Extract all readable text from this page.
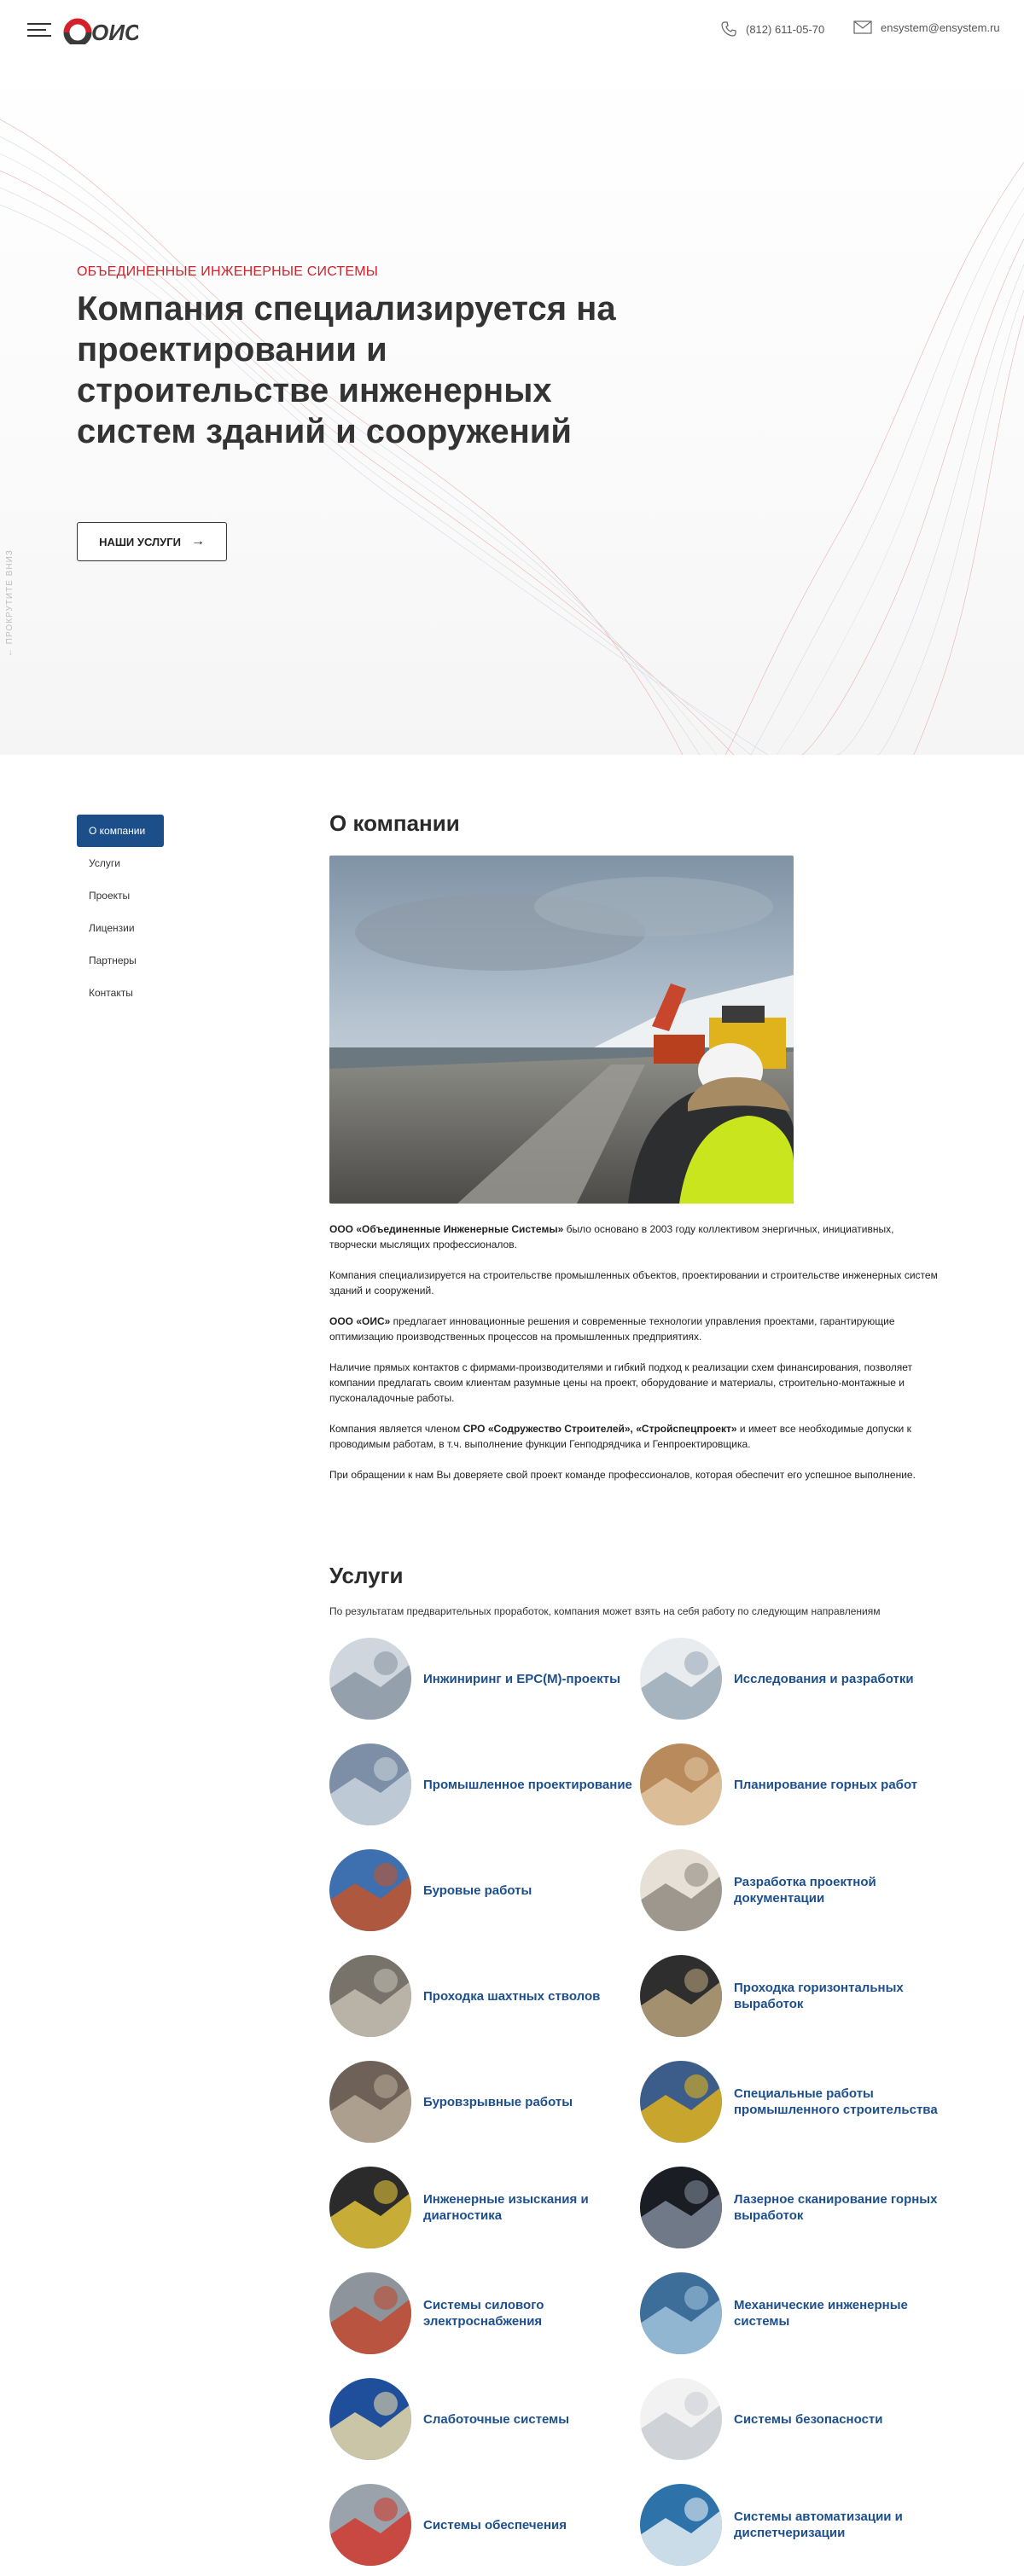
ОИС	(812) 611-05-70	ensystem@ensystem.ru
ОБЪЕДИНЕННЫЕ ИНЖЕНЕРНЫЕ СИСТЕМЫ
Компания специализируется на проектировании и строительстве инженерных систем зданий и сооружений
НАШИ УСЛУГИ →
← ПРОКРУТИТЕ ВНИЗ
О компании
Услуги
Проекты
Лицензии
Партнеры
Контакты
О компании

ООО «Объединенные Инженерные Системы» было основано в 2003 году коллективом энергичных, инициативных, творчески мыслящих профессионалов.

Компания специализируется на строительстве промышленных объектов, проектировании и строительстве инженерных систем зданий и сооружений.

ООО «ОИС» предлагает инновационные решения и современные технологии управления проектами, гарантирующие оптимизацию производственных процессов на промышленных предприятиях.

Наличие прямых контактов с фирмами-производителями и гибкий подход к реализации схем финансирования, позволяет компании предлагать своим клиентам разумные цены на проект, оборудование и материалы, строительно-монтажные и пусконаладочные работы.

Компания является членом СРО «Содружество Строителей», «Стройспецпроект» и имеет все необходимые допуски к проводимым работам, в т.ч. выполнение функции Генподрядчика и Генпроектировщика.

При обращении к нам Вы доверяете свой проект команде профессионалов, которая обеспечит его успешное выполнение.

Услуги
По результатам предварительных проработок, компания может взять на себя работу по следующим направлениям
Инжиниринг и EPC(M)-проекты	Исследования и разработки
Промышленное проектирование	Планирование горных работ
Буровые работы
Разработка проектной документации
Проходка шахтных стволов
Проходка горизонтальных выработок
Буровзрывные работы
Специальные работы промышленного строительства
Инженерные изыскания и диагностика
Лазерное сканирование горных выработок
Системы силового электроснабжения
Механические инженерные системы
Слаботочные системы	Системы безопасности
Системы обеспечения
Системы автоматизации и диспетчеризации
